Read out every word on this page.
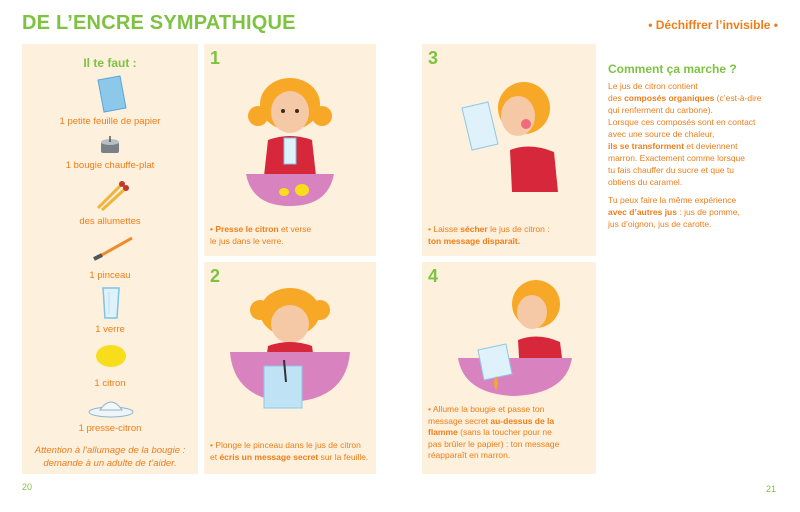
DE L’ENCRE SYMPATHIQUE	• Déchiffrer l’invisible •
Il te faut :
1 petite feuille de papier
1 bougie chauffe-plat
des allumettes
1 pinceau
1 verre
1 citron
1 presse-citron
Attention à l’allumage de la bougie :
demande à un adulte de t’aider.
1
• Presse le citron et verse
le jus dans le verre.
2
• Plonge le pinceau dans le jus de citron
et écris un message secret sur la feuille.
3
• Laisse sécher le jus de citron :
ton message disparaît.
4
• Allume la bougie et passe ton
message secret au-dessus de la
flamme (sans la toucher pour ne
pas brûler le papier) : ton message
réapparaît en marron.
Comment ça marche ?
Le jus de citron contient
des composés organiques (c’est-à-dire
qui renferment du carbone).
Lorsque ces composés sont en contact
avec une source de chaleur,
ils se transforment et deviennent
marron. Exactement comme lorsque
tu fais chauffer du sucre et que tu
obtiens du caramel.
Tu peux faire la même expérience
avec d’autres jus : jus de pomme,
jus d’oignon, jus de carotte.
20	21
